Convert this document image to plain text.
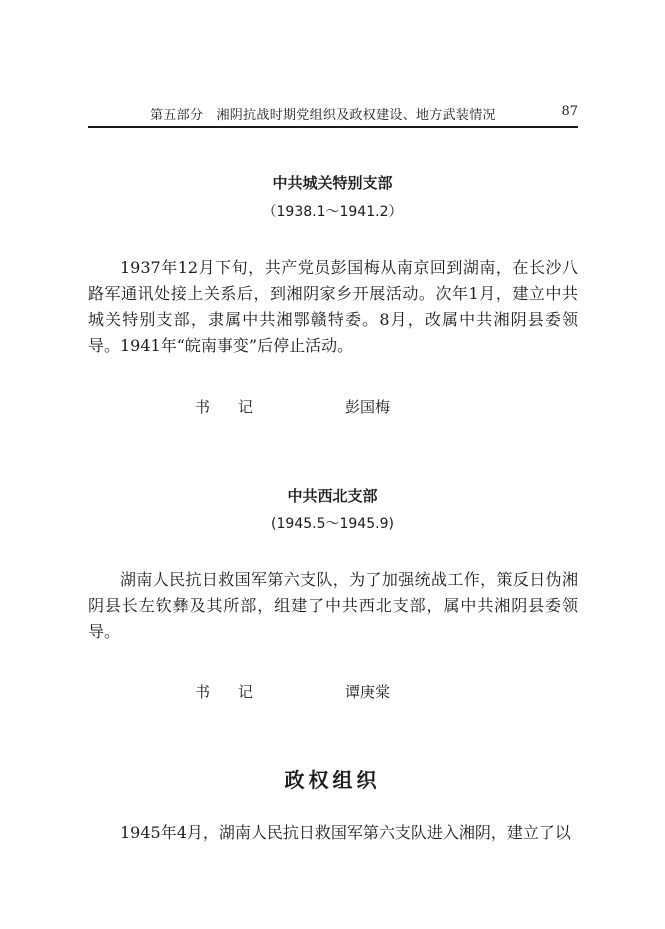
第五部分　湘阴抗战时期党组织及政权建设、地方武装情况	87
中共城关特别支部
（1938.1～1941.2）

1937年12月下旬，共产党员彭国梅从南京回到湖南，在长沙八路军通讯处接上关系后，到湘阴家乡开展活动。次年1月，建立中共城关特别支部，隶属中共湘鄂赣特委。8月，改属中共湘阴县委领导。1941年“皖南事变”后停止活动。

书记	彭国梅
中共西北支部
(1945.5～1945.9)

湖南人民抗日救国军第六支队，为了加强统战工作，策反日伪湘阴县长左钦彝及其所部，组建了中共西北支部，属中共湘阴县委领导。

书记	谭庚棠
政权组织

1945年4月，湖南人民抗日救国军第六支队进入湘阴，建立了以
